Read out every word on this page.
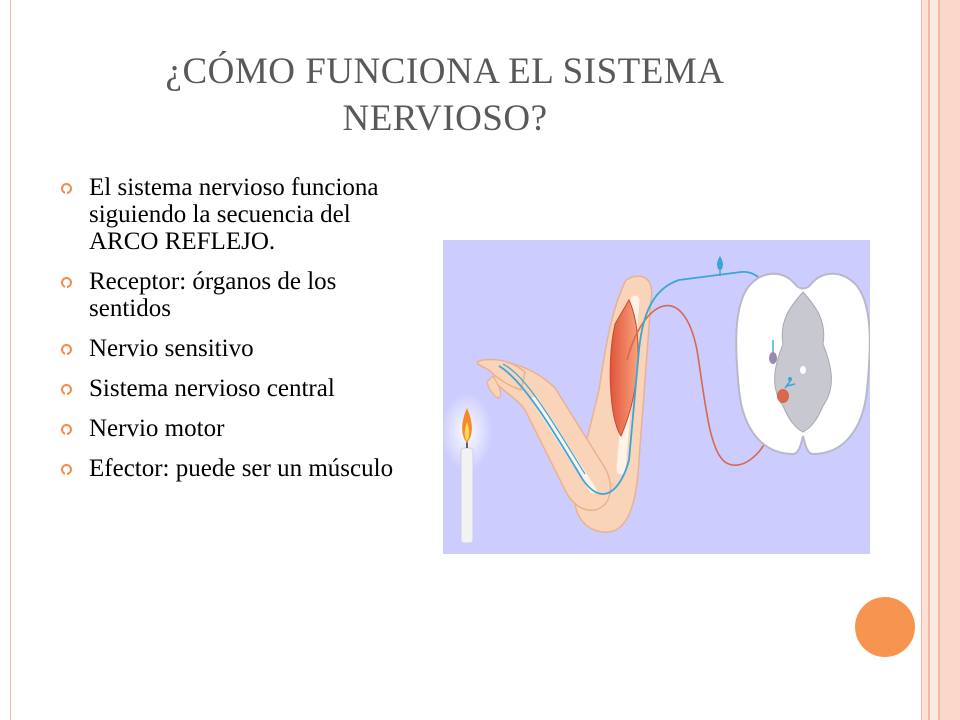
¿CÓMO FUNCIONA EL SISTEMA NERVIOSO?
El sistema nervioso funciona siguiendo la secuencia del ARCO REFLEJO.
Receptor: órganos de los sentidos
Nervio sensitivo
Sistema nervioso central
Nervio motor
Efector: puede ser un músculo
